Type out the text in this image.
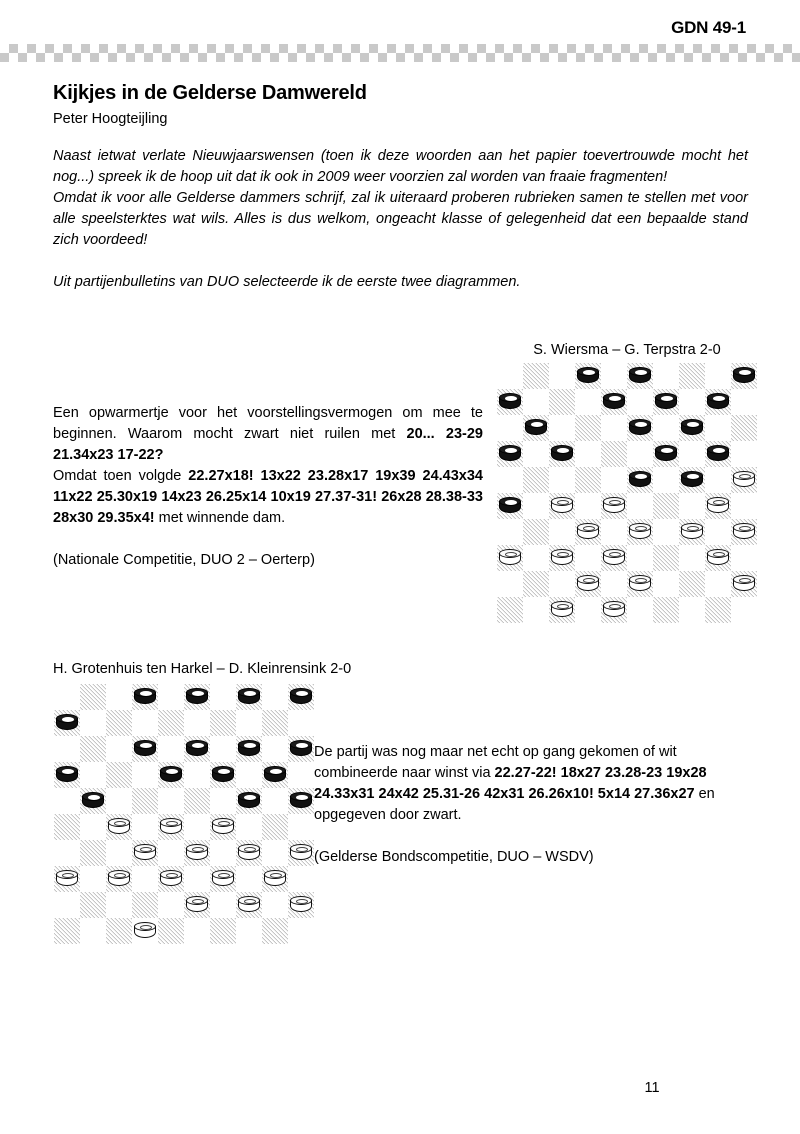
GDN 49-1
Kijkjes in de Gelderse Damwereld
Peter Hoogteijling

Naast ietwat verlate Nieuwjaarswensen (toen ik deze woorden aan het papier toevertrouwde mocht het nog...) spreek ik de hoop uit dat ik ook in 2009 weer voorzien zal worden van fraaie fragmenten!

Omdat ik voor alle Gelderse dammers schrijf, zal ik uiteraard proberen rubrieken samen te stellen met voor alle speelsterktes wat wils. Alles is dus welkom, ongeacht klasse of gelegenheid dat een bepaalde stand zich voordeed!

Uit partijenbulletins van DUO selecteerde ik de eerste twee diagrammen.

S. Wiersma – G. Terpstra 2-0

Een opwarmertje voor het voorstellingsvermogen om mee te beginnen. Waarom mocht zwart niet ruilen met 20... 23-29 21.34x23 17-22?

Omdat toen volgde 22.27x18! 13x22 23.28x17 19x39 24.43x34 11x22 25.30x19 14x23 26.25x14 10x19 27.37-31! 26x28 28.38-33 28x30 29.35x4! met winnende dam.

(Nationale Competitie, DUO 2 – Oerterp)

H. Grotenhuis ten Harkel – D. Kleinrensink 2-0

De partij was nog maar net echt op gang gekomen of wit combineerde naar winst via 22.27-22! 18x27 23.28-23 19x28 24.33x31 24x42 25.31-26 42x31 26.26x10! 5x14 27.36x27 en opgegeven door zwart.

(Gelderse Bondscompetitie, DUO – WSDV)

11
